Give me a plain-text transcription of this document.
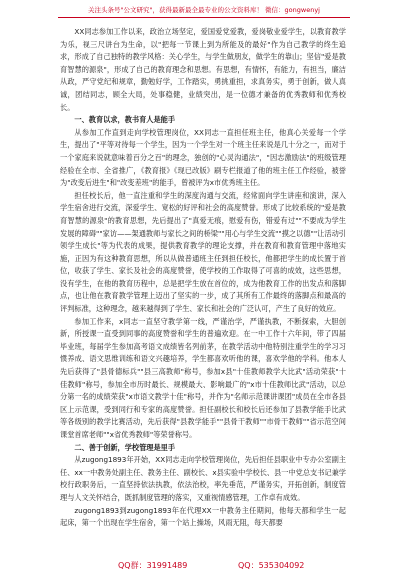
关注头条号"公文研究"，获得最新最全最专业的公文资料库！ 微信：gongwenyj

XX同志参加工作以来，政治立场坚定，爱国爱党爱教，爱岗敬业爱学生，以教育教学为乐，视三尺讲台为生命，以"把每一节课上到为所能及的最好"作为自己教学的终生追求，形成了自己独特的教学风格：关心学生，与学生做朋友，做学生的靠山；坚信"爱是教育智慧的源泉"，形成了自己的教育理念和思想。有思想，有情怀，有能力，有担当，廉洁从政，严守党纪和规章，勤勉好学，工作踏实，勇挑重担，求真务实，勇于创新，做人真诚，团结同志，顾全大局，处事稳健，业绩突出，是一位德才兼备的优秀教师和优秀校长。

一、教育以求，教书育人是能手

从参加工作直到走向学校管理岗位，XX同志一直担任班主任，他真心关爱每一个学生，提出了"平等对待每一个学生，因为一个学生对一个班主任来说是几十分之一，而对于一个家庭来说就意味着百分之百"的理念，独创的"心灵沟通法"，"因志激励法"的班级管理经验在全市、全省推广，《教育报》《现已改版》刷专栏报道了他的班主任工作经验，被誉为"改变后进生"和"改变差班"的能手，曾被评为x市优秀班主任。

担任校长后，他一直注重和学生的深度沟通与交流，经常面向学生讲座和演讲，深入学生宿舍进行交流，深爱学生、宽松的好评和社会的高度赞誉。形成了比较系统的"爱是教育智慧的源泉"的教育思想，先后提出了"真爱无痕，慰爱有伤，错爱有过""不要成为学生发展的障碍""家访——架通教师与家长之间的桥梁""用心与学生交流""摸之以德""让活动引领学生成长"等为代表的成果，提供教育教学的理论支撑，并在教育和教育管理中落地实施，正因为有这种教育思想，所以从做普通班主任到担任校长，他都把学生的成长置于首位，收获了学生、家长及社会的高度赞誉，使学校的工作取得了可喜的成效，这些思想，没有学生，在他的教育历程中，总是把学生放在首位的，成为他教育工作的出发点和落脚点，也让他在教育教学管理上迈出了坚实的一步，成了其所有工作最终的落脚点和最高的评判标准，这种理念，越来越得到了学生、家长和社会的广泛认可，产生了良好的效应。

参加工作来，x同志一直坚守教学第一线，严谨治学，严谨执教，不断探索，大胆创新，所授课一直受到同事的高度赞誉和学生的普遍欢迎。在一中工作十六年间，带了四届毕业班，每届学生参加高考语文成绩皆名列前茅，在教学活动中他特别注重学生的学习习惯养成、语文思维训练和语文兴趣培养，学生都喜欢听他的课，喜欢学他的学科。他本人先后获得了"县骨德标兵""县三高教师"称号，参加x县"十佳教师教学大比武"活动荣获"十佳教师"称号，参加全市历时最长、规模最大、影响最广的"x市十佳教师比武"活动，以总分第一名的成绩荣获"x市语文教学十佳"称号，并作为"名师示范课讲课团"成员在全市各县区上示范课，受到同行和专家的高度赞誉。担任副校长和校长后还参加了县教学能手比武等各级别的教学比赛活动，先后获得"县教学能手""县骨干教师""市骨干教师""省示范空间课堂首席老师""x省优秀教师"等荣誉称号。

二、善于创新，学校管理是里手

从zugong1893年开始，XX同志走向学校管理岗位，先后担任县职业中专办公室副主任、xx一中教务处副主任、教务主任、副校长、x县实验中学校长、县一中党总支书记兼学校行政职务后，一直坚持依法执教，依法治校，率先垂范，严谨务实，开拓创新，制度管理与人文关怀结合，既抓制度管理的落实，又重视情感管理，工作卓有成效。

zugong1893到zugong1893年在代理XX一中教务主任期间，他每天都和学生一起起床，第一个出现在学生宿舍，第一个站上操场，风雨无阻，每天都要

QQ群：31991489	QQ：535304092
